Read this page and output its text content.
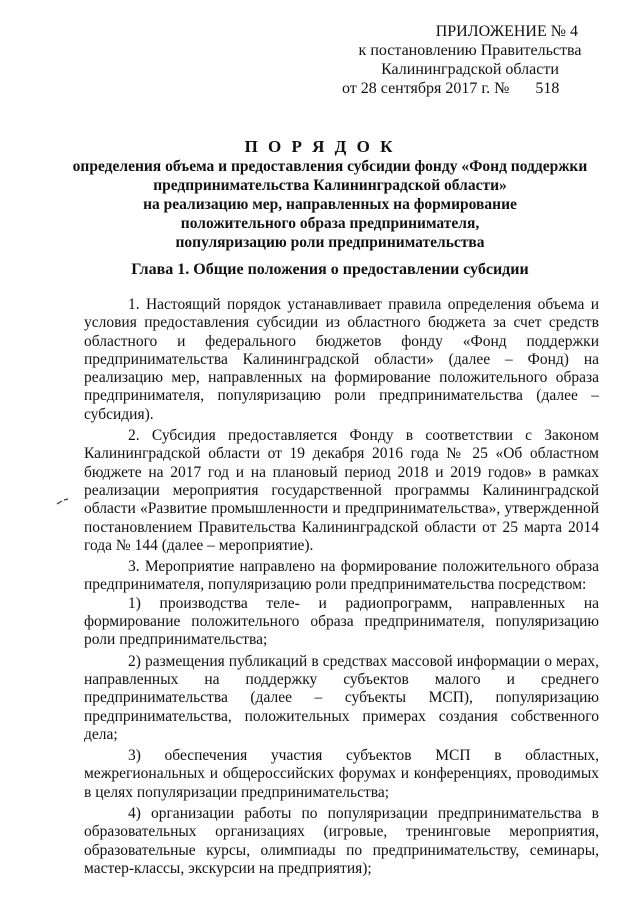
ПРИЛОЖЕНИЕ № 4
к постановлению Правительства
Калининградской области
от 28 сентября 2017 г. № 518
П О Р Я Д О К
определения объема и предоставления субсидии фонду «Фонд поддержки
предпринимательства Калининградской области»
на реализацию мер, направленных на формирование
положительного образа предпринимателя,
популяризацию роли предпринимательства
Глава 1. Общие положения о предоставлении субсидии

1. Настоящий порядок устанавливает правила определения объема и условия предоставления субсидии из областного бюджета за счет средств областного и федерального бюджетов фонду «Фонд поддержки предпринимательства Калининградской области» (далее – Фонд) на реализацию мер, направленных на формирование положительного образа предпринимателя, популяризацию роли предпринимательства (далее – субсидия).

2. Субсидия предоставляется Фонду в соответствии с Законом Калининградской области от 19 декабря 2016 года № 25 «Об областном бюджете на 2017 год и на плановый период 2018 и 2019 годов» в рамках реализации мероприятия государственной программы Калининградской области «Развитие промышленности и предпринимательства», утвержденной постановлением Правительства Калининградской области от 25 марта 2014 года № 144 (далее – мероприятие).

3. Мероприятие направлено на формирование положительного образа предпринимателя, популяризацию роли предпринимательства посредством:

1) производства теле- и радиопрограмм, направленных на формирование положительного образа предпринимателя, популяризацию роли предпринимательства;

2) размещения публикаций в средствах массовой информации о мерах, направленных на поддержку субъектов малого и среднего предпринимательства (далее – субъекты МСП), популяризацию предпринимательства, положительных примерах создания собственного дела;

3) обеспечения участия субъектов МСП в областных, межрегиональных и общероссийских форумах и конференциях, проводимых в целях популяризации предпринимательства;

4) организации работы по популяризации предпринимательства в образовательных организациях (игровые, тренинговые мероприятия, образовательные курсы, олимпиады по предпринимательству, семинары, мастер-классы, экскурсии на предприятия);
